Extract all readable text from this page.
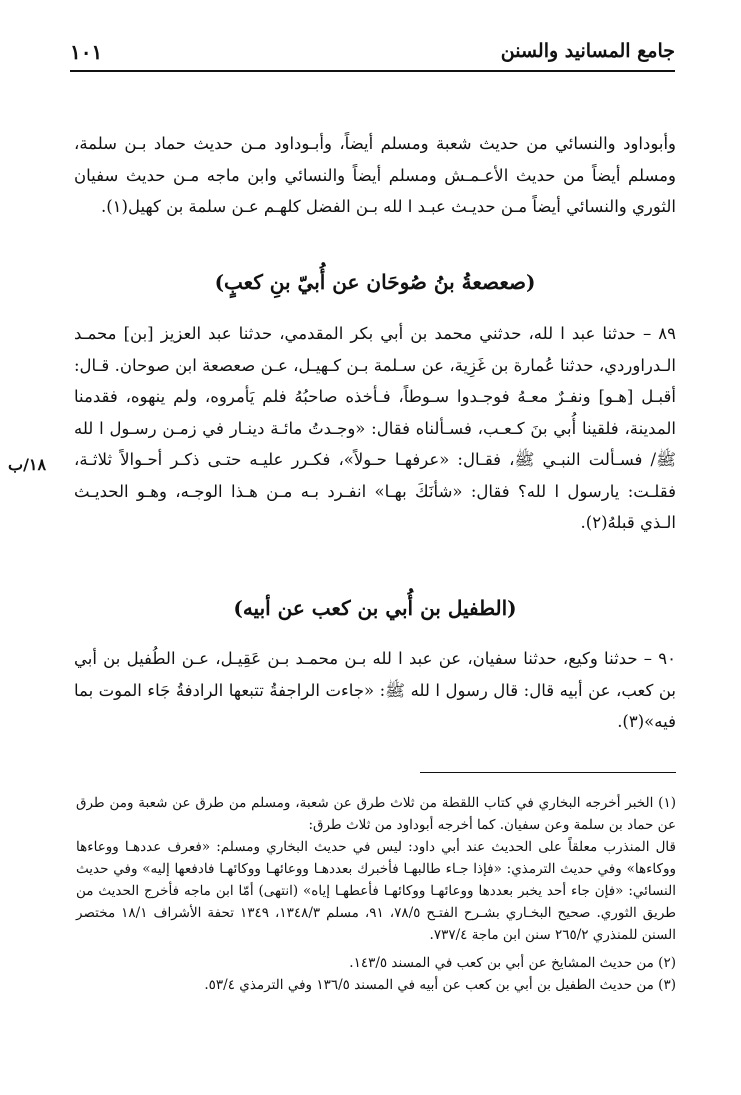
١٠١	جامع المسانيد والسنن

وأبوداود والنسائي من حديث شعبة ومسلم أيضاً، وأبـوداود مـن حديث حماد بـن سلمة، ومسلم أيضاً من حديث الأعـمـش ومسلم أيضاً والنسائي وابن ماجه مـن حديث سفيان الثوري والنسائي أيضاً مـن حديـث عبـد ا لله بـن الفضل كلهـم عـن سلمة بن كهيل(١).

(صعصعةُ بنُ صُوحَان عن أُبيّ بنِ كعبٍ)

٨٩ – حدثنا عبد ا لله، حدثني محمد بن أبي بكر المقدمي، حدثنا عبد العزيز [بن] محمـد الـدراوردي، حدثنا عُمارة بن غَزِية، عن سـلمة بـن كـهيـل، عـن صعصعة ابن صوحان. قـال: أقبـل [هـو] ونفـرٌ معـهُ فوجـدوا سـوطاً، فـأخذه صاحبُهُ فلم يَأمروه، ولم ينهوه، فقدمنا المدينة، فلقينا أُبي بنَ كـعـب، فسـألناه فقال: «وجـدتُ مائـة دينـار في زمـن رسـول ا لله ﷺ/ فسـألت النبـي ﷺ، فقـال: «عرفهـا حـولاً»، فكـرر عليـه حتـى ذكـر أحـوالاً ثلاثـة، فقلـت: يارسول ا لله؟ فقال: «شأنَكَ بهـا» انفـرد بـه مـن هـذا الوجـه، وهـو الحديـث الـذي قبلهُ(٢).

١٨/ب
(الطفيل بن أُبي بن كعب عن أبيه)

٩٠ – حدثنا وكيع، حدثنا سفيان، عن عبد ا لله بـن محمـد بـن عَقِيـل، عـن الطُفيل بن أبي بن كعب، عن أبيه قال: قال رسول ا لله ﷺ: «جاءت الراجفةُ تتبعها الرادفةُ جَاء الموت بما فيه»(٣).

(١) الخبر أخرجه البخاري في كتاب اللقطة من ثلاث طرق عن شعبة، ومسلم من طرق عن شعبة ومن طرق عن حماد بن سلمة وعن سفيان. كما أخرجه أبوداود من ثلاث طرق:

قال المنذرب معلقاً على الحديث عند أبي داود: ليس في حديث البخاري ومسلم: «فعرف عددهـا ووعاءها ووكاءها» وفي حديث الترمذي: «فإذا جـاء طالبهـا فأخبرك بعددهـا ووعائهـا ووكائهـا فادفعها إليه» وفي حديث النسائي: «فإن جاء أحد يخبر بعددها ووعائهـا ووكائهـا فأعطهـا إياه» (انتهى) أمّا ابن ماجه فأخرج الحديث من طريق الثوري. صحيح البخـاري بشـرح الفتـح ٧٨/٥، ٩١، مسلم ١٣٤٨/٣، ١٣٤٩ تحفة الأشراف ١٨/١ مختصر السنن للمنذري ٢٦٥/٢ سنن ابن ماجة ٧٣٧/٤.

(٢) من حديث المشايخ عن أبي بن كعب في المسند ١٤٣/٥.

(٣) من حديث الطفيل بن أبي بن كعب عن أبيه في المسند ١٣٦/٥ وفي الترمذي ٥٣/٤.
